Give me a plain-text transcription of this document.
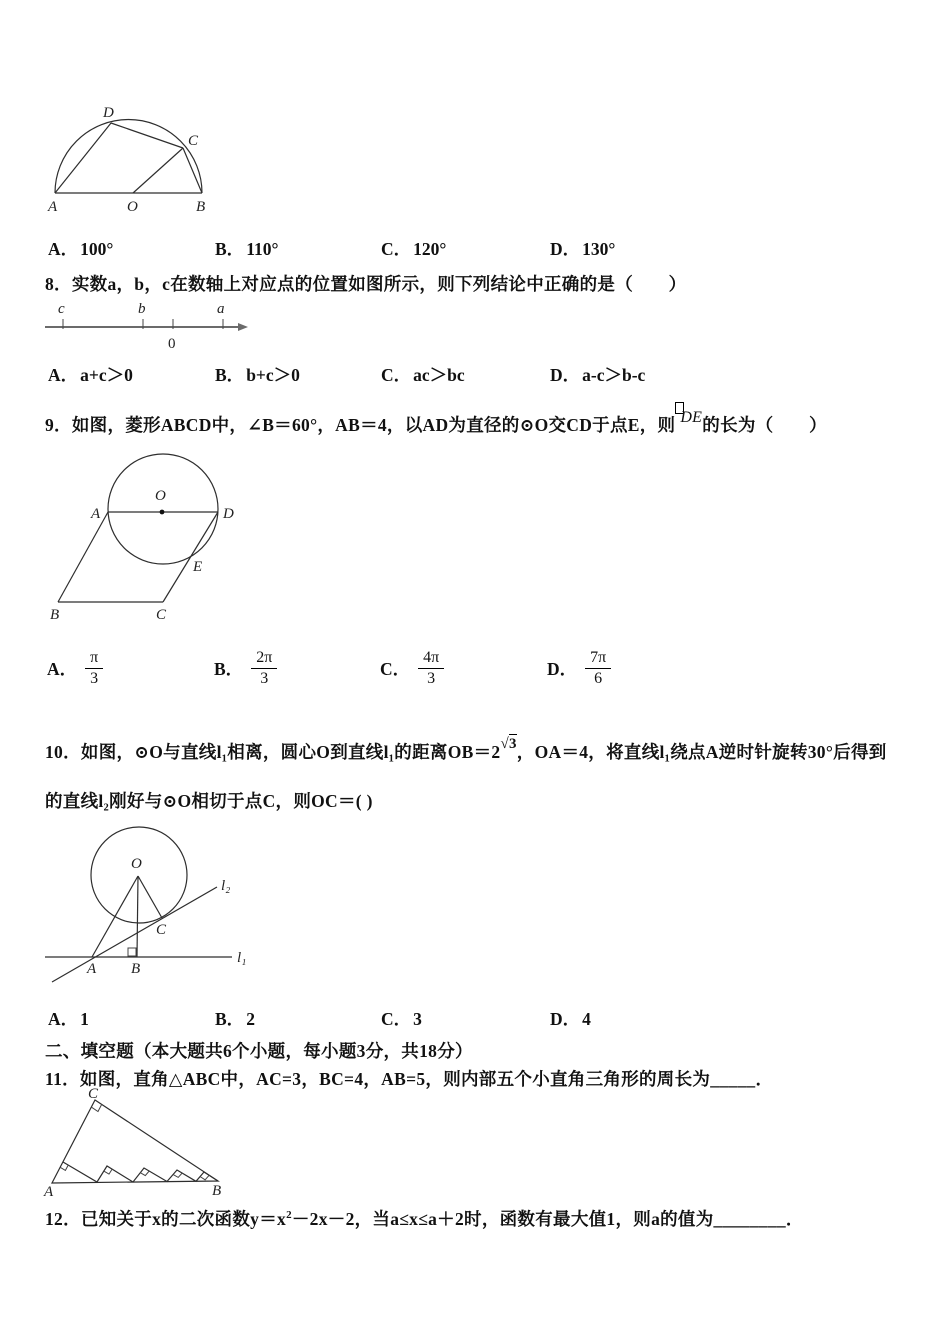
A	O	B
D
C
A． 100°	B． 110°	C． 120°	D． 130°
8．实数a，b，c在数轴上对应点的位置如图所示，则下列结论中正确的是（　　）
c	b	a
0
A． a+c＞0	B． b+c＞0	C． ac＞bc	D． a-c＞b-c
9．如图，菱形ABCD中，∠B＝60°，AB＝4，以AD为直径的⊙O交CD于点E，则 DE的长为（　　）
O
A	D
E
B	C
A． $\frac{\pi}{3}$	B． $\frac{2\pi}{3}$	C． $\frac{4\pi}{3}$	D． $\frac{7\pi}{6}$
10．如图，⊙O与直线l₁相离，圆心O到直线l₁的距离OB＝2√3，OA＝4，将直线l₁绕点A逆时针旋转30°后得到
的直线l₂刚好与⊙O相切于点C，则OC＝( )
O
A B
C
l₁
l₂
A． 1	B． 2	C． 3	D． 4
二、填空题（本大题共6个小题，每小题3分，共18分）
11．如图，直角△ABC中，AC=3，BC=4，AB=5，则内部五个小直角三角形的周长为_____．
A	B
C
12．已知关于x的二次函数$y=x^2-2x-2$，当a≤x≤a＋2时，函数有最大值1，则a的值为________．
